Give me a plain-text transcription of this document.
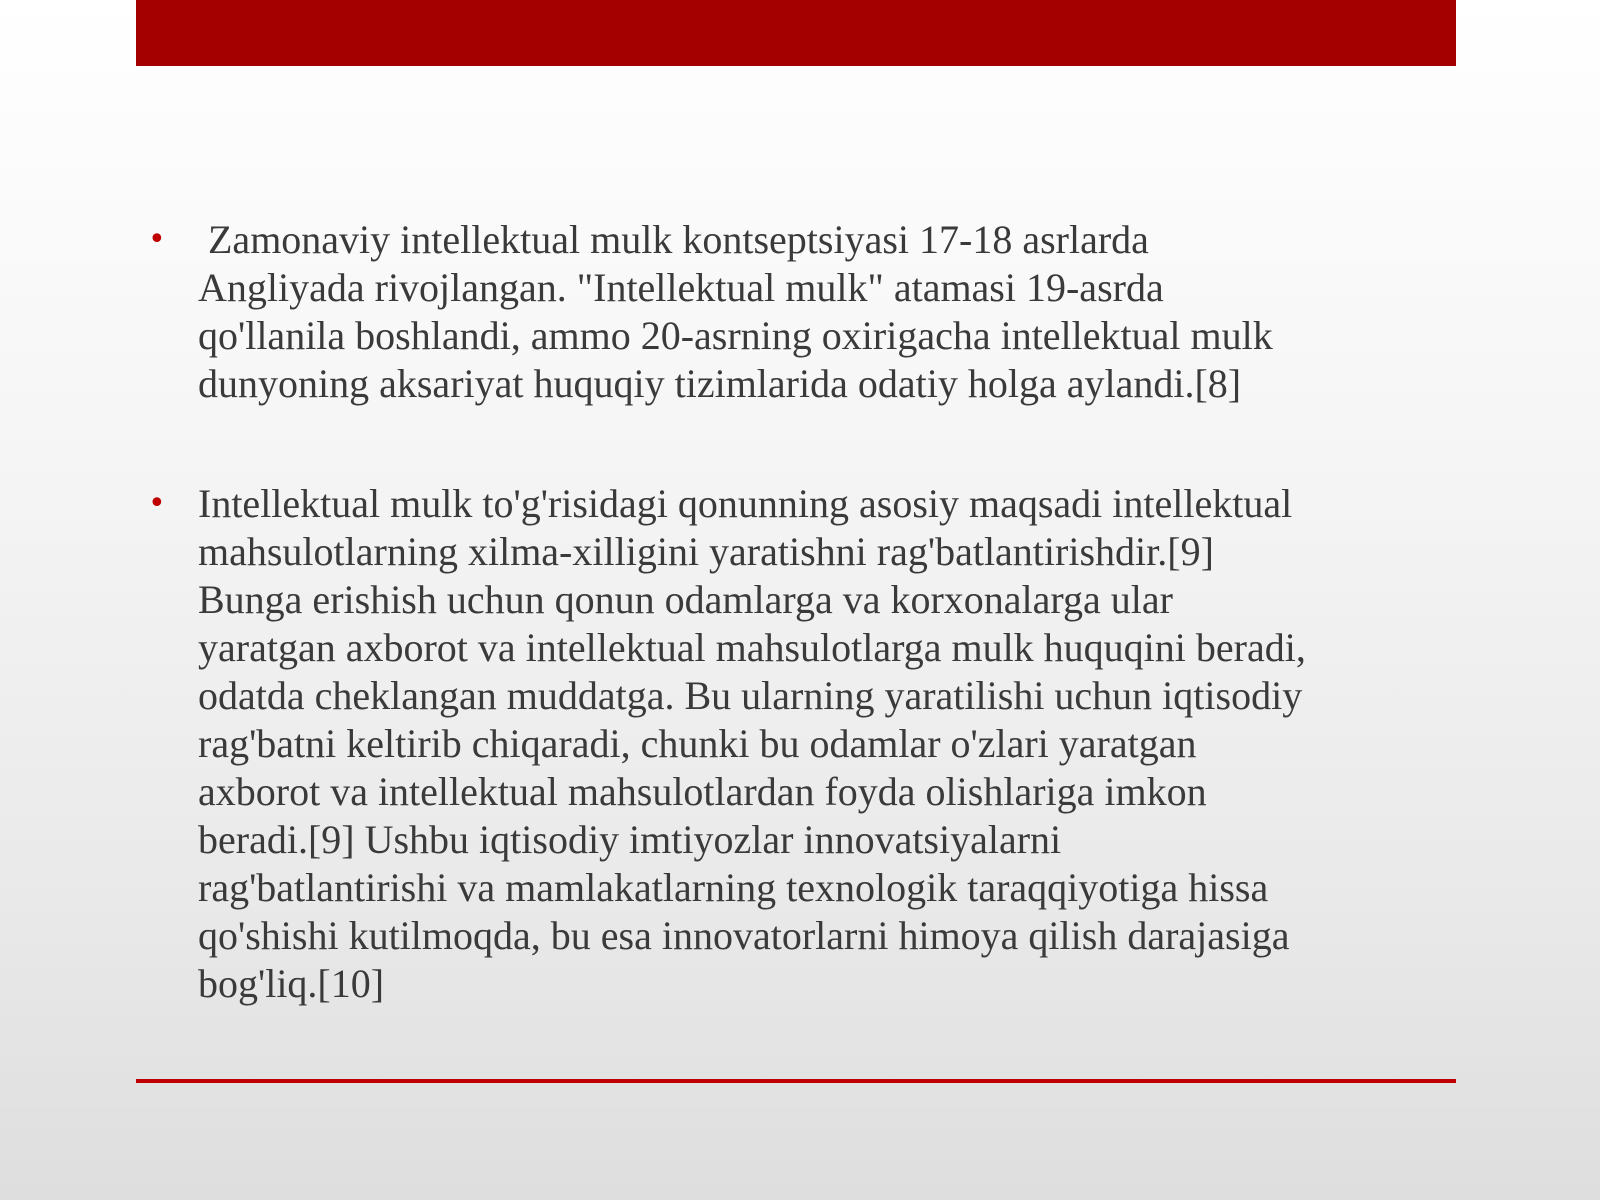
• Zamonaviy intellektual mulk kontseptsiyasi 17-18 asrlarda
Angliyada rivojlangan. "Intellektual mulk" atamasi 19-asrda
qo'llanila boshlandi, ammo 20-asrning oxirigacha intellektual mulk
dunyoning aksariyat huquqiy tizimlarida odatiy holga aylandi.[8]
• Intellektual mulk to'g'risidagi qonunning asosiy maqsadi intellektual
mahsulotlarning xilma-xilligini yaratishni rag'batlantirishdir.[9]
Bunga erishish uchun qonun odamlarga va korxonalarga ular
yaratgan axborot va intellektual mahsulotlarga mulk huquqini beradi,
odatda cheklangan muddatga. Bu ularning yaratilishi uchun iqtisodiy
rag'batni keltirib chiqaradi, chunki bu odamlar o'zlari yaratgan
axborot va intellektual mahsulotlardan foyda olishlariga imkon
beradi.[9] Ushbu iqtisodiy imtiyozlar innovatsiyalarni
rag'batlantirishi va mamlakatlarning texnologik taraqqiyotiga hissa
qo'shishi kutilmoqda, bu esa innovatorlarni himoya qilish darajasiga
bog'liq.[10]
